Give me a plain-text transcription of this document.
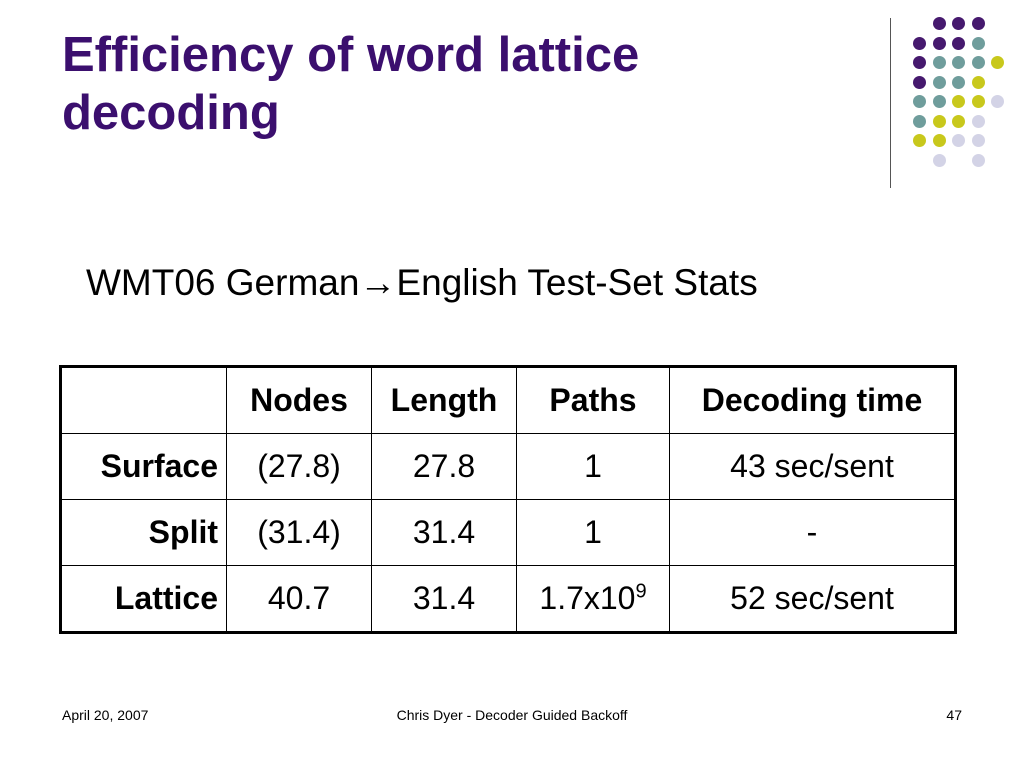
Efficiency of word lattice
decoding
WMT06 German→English Test-Set Stats
	Nodes	Length	Paths	Decoding time
Surface	(27.8)	27.8	1	43 sec/sent
Split	(31.4)	31.4	1	-
Lattice	40.7	31.4	$1.7x10^9$	52 sec/sent
April 20, 2007	Chris Dyer - Decoder Guided Backoff	47
